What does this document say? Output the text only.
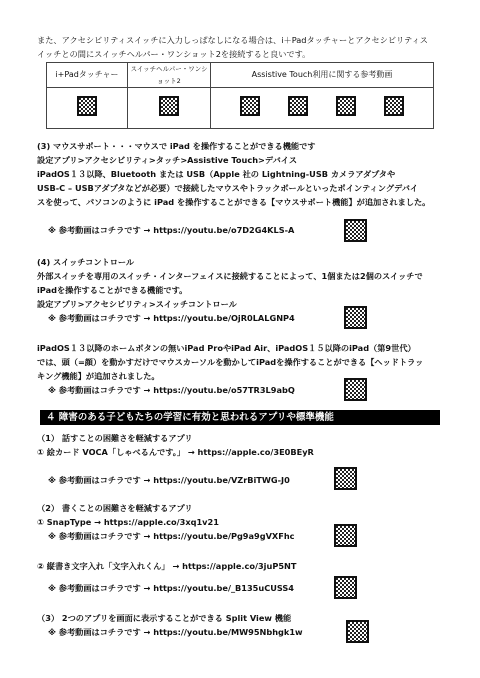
また、アクセシビリティスイッチに入力しっぱなしになる場合は、i＋Padタッチャーとアクセシビリティス
イッチとの間にスイッチヘルパー・ワンショット2を接続すると良いです。
i+Padタッチャー	スイッチヘルパー・ワンショット2	Assistive Touch利用に関する参考動画

(3) マウスサポート・・・マウスで iPad を操作することができる機能です
設定アプリ>アクセシビリティ>タッチ>Assistive Touch>デバイス
iPadOS１３以降、Bluetooth または USB（Apple 社の Lightning-USB カメラアダプタや
USB-C – USBアダプタなどが必要）で接続したマウスやトラックボールといったポインティングデバイ
スを使って、パソコンのように iPad を操作することができる【マウスサポート機能】が追加されました。
※ 参考動画はコチラです → https://youtu.be/o7D2G4KLS-A
(4) スイッチコントロール
外部スイッチを専用のスイッチ・インターフェイスに接続することによって、1個または2個のスイッチで
iPadを操作することができる機能です。
設定アプリ>アクセシビリティ>スイッチコントロール
※ 参考動画はコチラです → https://youtu.be/OjR0LALGNP4
iPadOS１３以降のホームボタンの無いiPad ProやiPad Air、iPadOS１５以降のiPad（第9世代）
では、頭（=顔）を動かすだけでマウスカーソルを動かしてiPadを操作することができる【ヘッドトラッ
キング機能】が追加されました。
※ 参考動画はコチラです → https://youtu.be/o57TR3L9abQ
４ 障害のある子どもたちの学習に有効と思われるアプリや標準機能
（1） 話すことの困難さを軽減するアプリ
① 絵カード VOCA「しゃべるんです。」 → https://apple.co/3E0BEyR
※ 参考動画はコチラです → https://youtu.be/VZrBiTWG-J0
（2） 書くことの困難さを軽減するアプリ
① SnapType → https://apple.co/3xq1v21
※ 参考動画はコチラです → https://youtu.be/Pg9a9gVXFhc
② 縦書き文字入れ「文字入れくん」 → https://apple.co/3juP5NT
※ 参考動画はコチラです → https://youtu.be/_B135uCUSS4
（3） 2つのアプリを画面に表示することができる Split View 機能
※ 参考動画はコチラです → https://youtu.be/MW95Nbhgk1w
